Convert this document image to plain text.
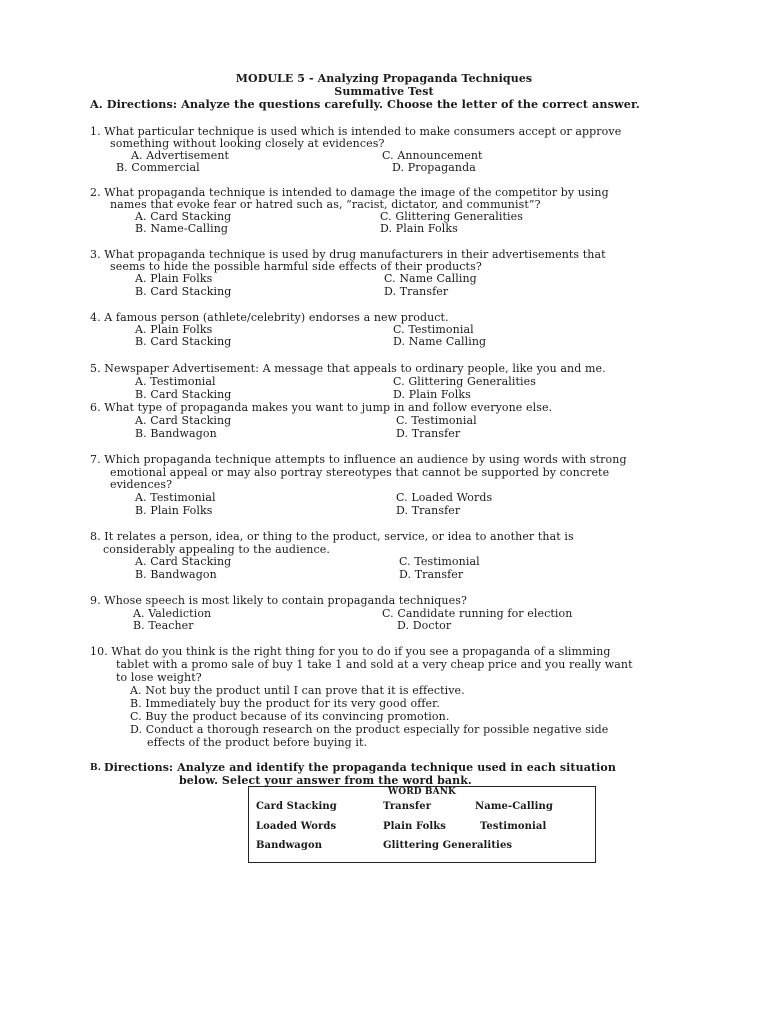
MODULE 5 - Analyzing Propaganda Techniques
Summative Test
A. Directions: Analyze the questions carefully. Choose the letter of the correct answer.
1. What particular technique is used which is intended to make consumers accept or approve
something without looking closely at evidences?
A. Advertisement	C. Announcement
B. Commercial	D. Propaganda
2. What propaganda technique is intended to damage the image of the competitor by using
names that evoke fear or hatred such as, “racist, dictator, and communist”?
A. Card Stacking	C. Glittering Generalities
B. Name-Calling	D. Plain Folks
3. What propaganda technique is used by drug manufacturers in their advertisements that
seems to hide the possible harmful side effects of their products?
A. Plain Folks	C. Name Calling
B. Card Stacking	D. Transfer
4. A famous person (athlete/celebrity) endorses a new product.
A. Plain Folks	C. Testimonial
B. Card Stacking	D. Name Calling
5. Newspaper Advertisement: A message that appeals to ordinary people, like you and me.
A. Testimonial	C. Glittering Generalities
B. Card Stacking	D. Plain Folks
6. What type of propaganda makes you want to jump in and follow everyone else.
A. Card Stacking	C. Testimonial
B. Bandwagon	D. Transfer
7. Which propaganda technique attempts to influence an audience by using words with strong
emotional appeal or may also portray stereotypes that cannot be supported by concrete
evidences?
A. Testimonial	C. Loaded Words
B. Plain Folks	D. Transfer
8. It relates a person, idea, or thing to the product, service, or idea to another that is
considerably appealing to the audience.
A. Card Stacking	C. Testimonial
B. Bandwagon	D. Transfer
9. Whose speech is most likely to contain propaganda techniques?
A. Valediction	C. Candidate running for election
B. Teacher	D. Doctor
10. What do you think is the right thing for you to do if you see a propaganda of a slimming
tablet with a promo sale of buy 1 take 1 and sold at a very cheap price and you really want
to lose weight?
A. Not buy the product until I can prove that it is effective.
B. Immediately buy the product for its very good offer.
C. Buy the product because of its convincing promotion.
D. Conduct a thorough research on the product especially for possible negative side
effects of the product before buying it.
B. Directions: Analyze and identify the propaganda technique used in each situation
below. Select your answer from the word bank.
WORD BANK
Card Stacking	Transfer	Name-Calling
Loaded Words	Plain Folks	Testimonial
Bandwagon	Glittering Generalities
